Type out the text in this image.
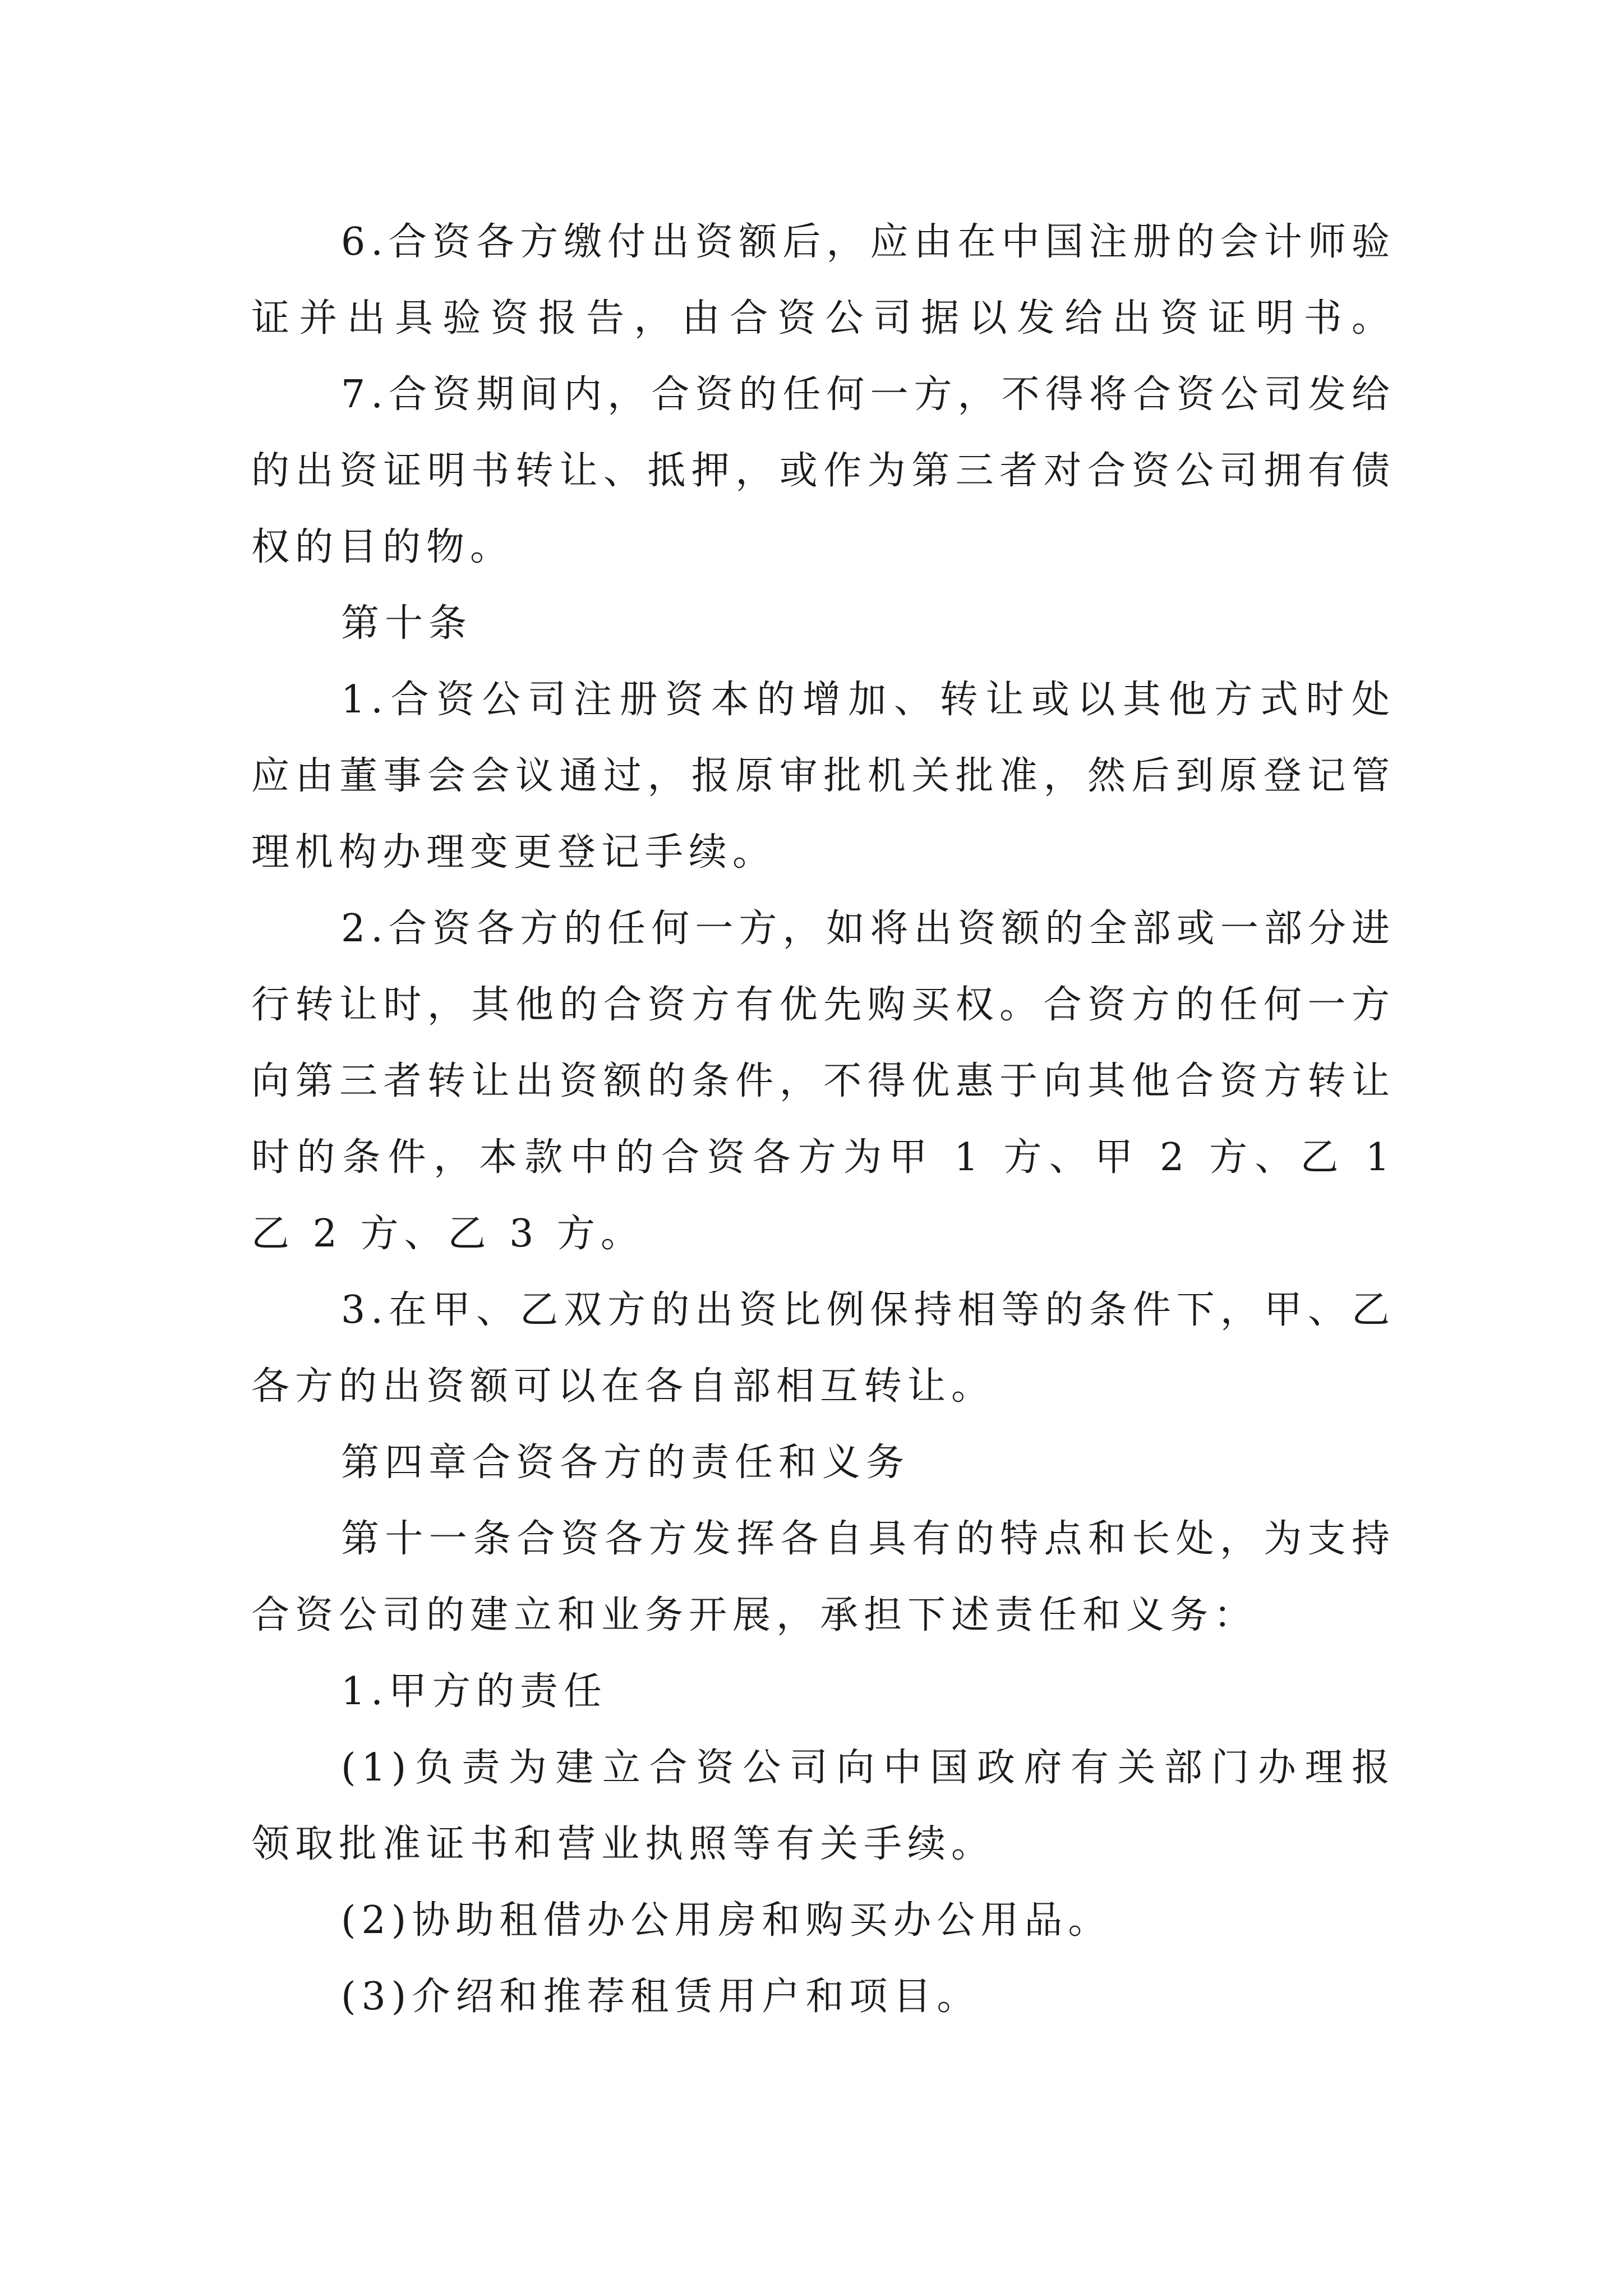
6.合资各方缴付出资额后，应由在中国注册的会计师验

证并出具验资报告，由合资公司据以发给出资证明书。

7.合资期间内，合资的任何一方，不得将合资公司发给

的出资证明书转让、抵押，或作为第三者对合资公司拥有债

权的目的物。

第十条

1.合资公司注册资本的增加、转让或以其他方式时处

应由董事会会议通过，报原审批机关批准，然后到原登记管

理机构办理变更登记手续。

2.合资各方的任何一方，如将出资额的全部或一部分进

行转让时，其他的合资方有优先购买权。合资方的任何一方

向第三者转让出资额的条件，不得优惠于向其他合资方转让

时的条件，本款中的合资各方为甲 1 方、甲 2 方、乙 1

乙 2 方、乙 3 方。

3.在甲、乙双方的出资比例保持相等的条件下，甲、乙

各方的出资额可以在各自部相互转让。

第四章合资各方的责任和义务

第十一条合资各方发挥各自具有的特点和长处，为支持

合资公司的建立和业务开展，承担下述责任和义务：

1.甲方的责任

(1)负责为建立合资公司向中国政府有关部门办理报

领取批准证书和营业执照等有关手续。

(2)协助租借办公用房和购买办公用品。

(3)介绍和推荐租赁用户和项目。
